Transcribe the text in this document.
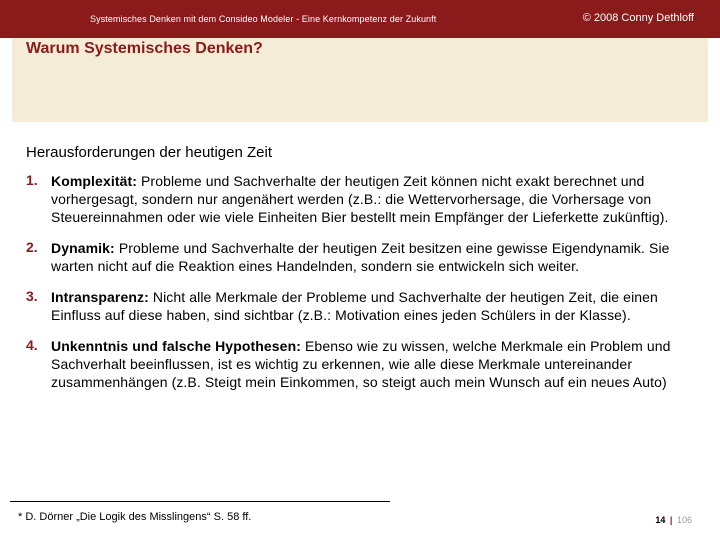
Systemisches Denken mit dem Consideo Modeler - Eine Kernkompetenz der Zukunft	© 2008 Conny Dethloff
Warum Systemisches Denken?
Herausforderungen der heutigen Zeit
1. Komplexität: Probleme und Sachverhalte der heutigen Zeit können nicht exakt berechnet und vorhergesagt, sondern nur angenähert werden (z.B.: die Wettervorhersage, die Vorhersage von Steuereinnahmen oder wie viele Einheiten Bier bestellt mein Empfänger der Lieferkette zukünftig).
2. Dynamik: Probleme und Sachverhalte der heutigen Zeit besitzen eine gewisse Eigendynamik. Sie warten nicht auf die Reaktion eines Handelnden, sondern sie entwickeln sich weiter.
3. Intransparenz: Nicht alle Merkmale der Probleme und Sachverhalte der heutigen Zeit, die einen Einfluss auf diese haben, sind sichtbar (z.B.: Motivation eines jeden Schülers in der Klasse).
4. Unkenntnis und falsche Hypothesen: Ebenso wie zu wissen, welche Merkmale ein Problem und Sachverhalt beeinflussen, ist es wichtig zu erkennen, wie alle diese Merkmale untereinander zusammenhängen (z.B. Steigt mein Einkommen, so steigt auch mein Wunsch auf ein neues Auto)
* D. Dörner „Die Logik des Misslingens“ S. 58 ff.	14 | 106
